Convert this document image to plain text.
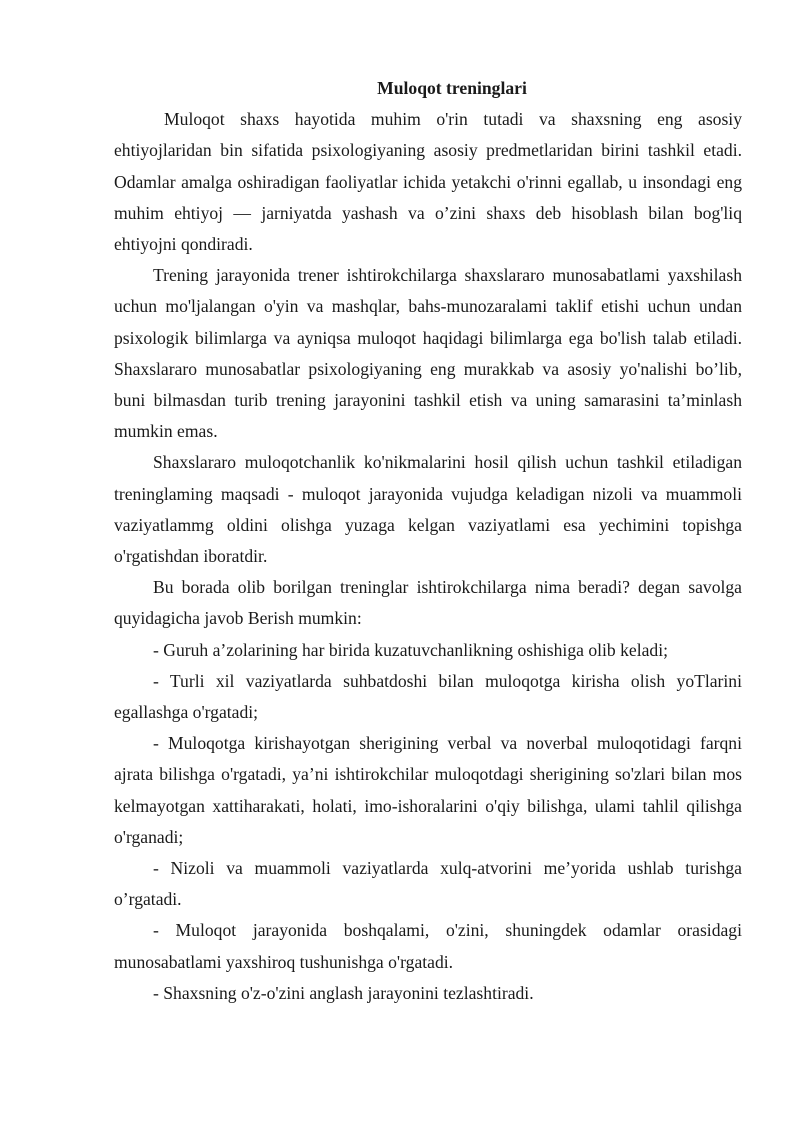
Muloqot treninglari

Muloqot shaxs hayotida muhim o'rin tutadi va shaxsning eng asosiy ehtiyojlaridan bin sifatida psixologiyaning asosiy predmetlaridan birini tashkil etadi. Odamlar amalga oshiradigan faoliyatlar ichida yetakchi o'rinni egallab, u insondagi eng muhim ehtiyoj — jarniyatda yashash va o’zini shaxs deb hisoblash bilan bog'liq ehtiyojni qondiradi.

Trening jarayonida trener ishtirokchilarga shaxslararo munosabatlami yaxshilash uchun mo'ljalangan o'yin va mashqlar, bahs-munozaralami taklif etishi uchun undan psixologik bilimlarga va ayniqsa muloqot haqidagi bilimlarga ega bo'lish talab etiladi. Shaxslararo munosabatlar psixologiyaning eng murakkab va asosiy yo'nalishi bo’lib, buni bilmasdan turib trening jarayonini tashkil etish va uning samarasini ta’minlash mumkin emas.

Shaxslararo muloqotchanlik ko'nikmalarini hosil qilish uchun tashkil etiladigan treninglaming maqsadi - muloqot jarayonida vujudga keladigan nizoli va muammoli vaziyatlammg oldini olishga yuzaga kelgan vaziyatlami esa yechimini topishga o'rgatishdan iboratdir.

Bu borada olib borilgan treninglar ishtirokchilarga nima beradi? degan savolga quyidagicha javob Berish mumkin:

- Guruh a’zolarining har birida kuzatuvchanlikning oshishiga olib keladi;

- Turli xil vaziyatlarda suhbatdoshi bilan muloqotga kirisha olish yoTlarini egallashga o'rgatadi;

- Muloqotga kirishayotgan sherigining verbal va noverbal muloqotidagi farqni ajrata bilishga o'rgatadi, ya’ni ishtirokchilar muloqotdagi sherigining so'zlari bilan mos kelmayotgan xattiharakati, holati, imo-ishoralarini o'qiy bilishga, ulami tahlil qilishga o'rganadi;

- Nizoli va muammoli vaziyatlarda xulq-atvorini me’yorida ushlab turishga o’rgatadi.

- Muloqot jarayonida boshqalami, o'zini, shuningdek odamlar orasidagi munosabatlami yaxshiroq tushunishga o'rgatadi.

- Shaxsning o'z-o'zini anglash jarayonini tezlashtiradi.
